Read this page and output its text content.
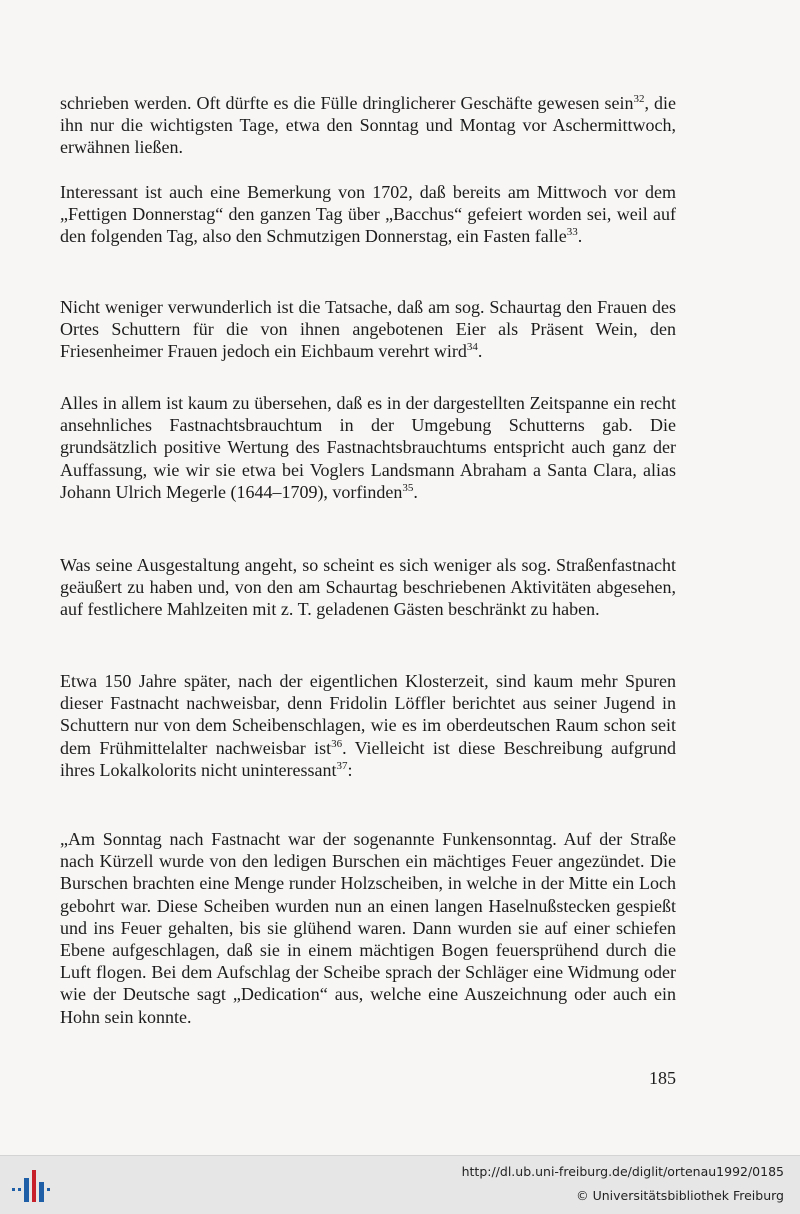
schrieben werden. Oft dürfte es die Fülle dringlicherer Geschäfte gewesen sein$^{32}$, die ihn nur die wichtigsten Tage, etwa den Sonntag und Montag vor Aschermittwoch, erwähnen ließen.

Interessant ist auch eine Bemerkung von 1702, daß bereits am Mittwoch vor dem „Fettigen Donnerstag“ den ganzen Tag über „Bacchus“ gefeiert worden sei, weil auf den folgenden Tag, also den Schmutzigen Donnerstag, ein Fasten falle$^{33}$.

Nicht weniger verwunderlich ist die Tatsache, daß am sog. Schaurtag den Frauen des Ortes Schuttern für die von ihnen angebotenen Eier als Präsent Wein, den Friesenheimer Frauen jedoch ein Eichbaum verehrt wird$^{34}$.

Alles in allem ist kaum zu übersehen, daß es in der dargestellten Zeitspanne ein recht ansehnliches Fastnachtsbrauchtum in der Umgebung Schutterns gab. Die grundsätzlich positive Wertung des Fastnachtsbrauchtums entspricht auch ganz der Auffassung, wie wir sie etwa bei Voglers Landsmann Abraham a Santa Clara, alias Johann Ulrich Megerle (1644–1709), vorfinden$^{35}$.

Was seine Ausgestaltung angeht, so scheint es sich weniger als sog. Straßenfastnacht geäußert zu haben und, von den am Schaurtag beschriebenen Aktivitäten abgesehen, auf festlichere Mahlzeiten mit z. T. geladenen Gästen beschränkt zu haben.

Etwa 150 Jahre später, nach der eigentlichen Klosterzeit, sind kaum mehr Spuren dieser Fastnacht nachweisbar, denn Fridolin Löffler berichtet aus seiner Jugend in Schuttern nur von dem Scheibenschlagen, wie es im oberdeutschen Raum schon seit dem Frühmittelalter nachweisbar ist$^{36}$. Vielleicht ist diese Beschreibung aufgrund ihres Lokalkolorits nicht uninteressant$^{37}$:

„Am Sonntag nach Fastnacht war der sogenannte Funkensonntag. Auf der Straße nach Kürzell wurde von den ledigen Burschen ein mächtiges Feuer angezündet. Die Burschen brachten eine Menge runder Holzscheiben, in welche in der Mitte ein Loch gebohrt war. Diese Scheiben wurden nun an einen langen Haselnußstecken gespießt und ins Feuer gehalten, bis sie glühend waren. Dann wurden sie auf einer schiefen Ebene aufgeschlagen, daß sie in einem mächtigen Bogen feuersprühend durch die Luft flogen. Bei dem Aufschlag der Scheibe sprach der Schläger eine Widmung oder wie der Deutsche sagt „Dedication“ aus, welche eine Auszeichnung oder auch ein Hohn sein konnte.

185
http://dl.ub.uni-freiburg.de/diglit/ortenau1992/0185
© Universitätsbibliothek Freiburg
